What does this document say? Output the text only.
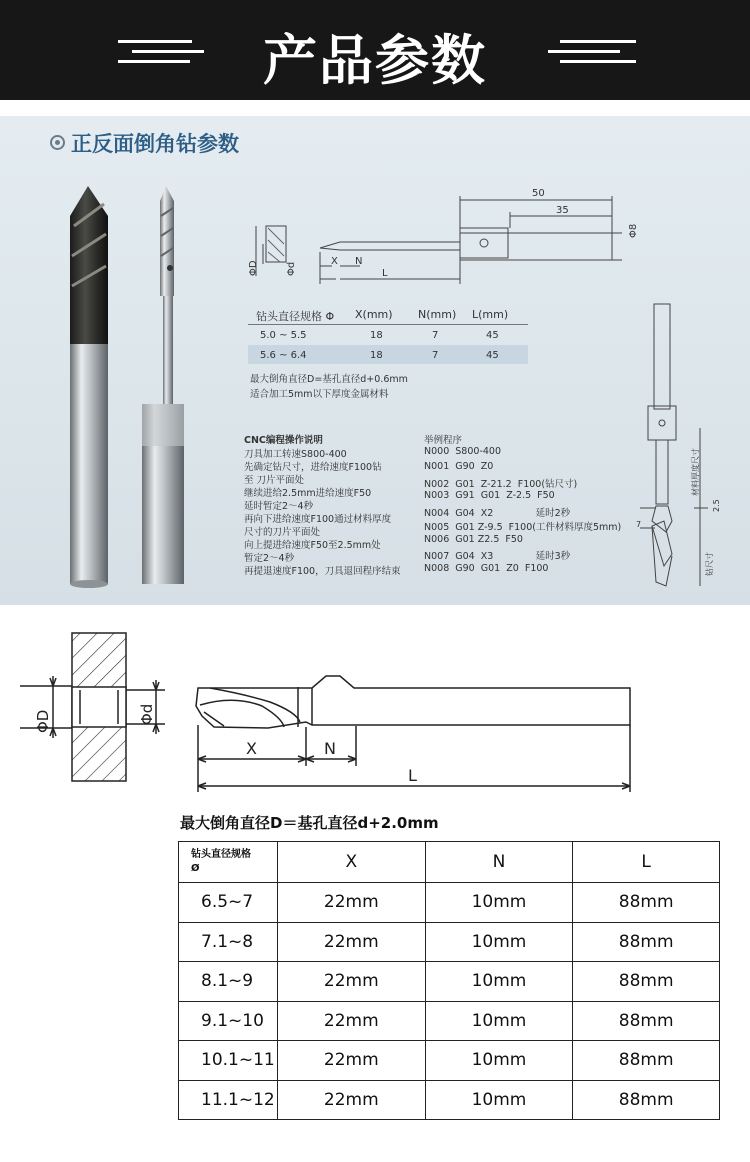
产品参数
正反面倒角钻参数
50
35
Φ8
X N
L
ΦD	Φd
钻头直径规格 Φ X(mm) N(mm) L(mm)
5.0 ~ 5.5	18	7	45
5.6 ~ 6.4	18	7	45
最大倒角直径D=基孔直径d+0.6mm
适合加工5mm以下厚度金属材料
CNC编程操作说明
刀具加工转速S800-400
先确定钻尺寸，进给速度F100钻
至 刀片平面处
继续进给2.5mm进给速度F50
延时暂定2～4秒
再向下进给速度F100通过材料厚度
尺寸的刀片平面处
向上提进给速度F50至2.5mm处
暂定2～4秒
再提退速度F100，刀具退回程序结束
举例程序
N000  S800-400
N001  G90  Z0
N002  G01  Z-21.2  F100(钻尺寸)
N003  G91  G01  Z-2.5  F50
N004  G04  X2              延时2秒
N005  G01 Z-9.5  F100(工件材料厚度5mm)
N006  G01 Z2.5  F50
N007  G04  X3              延时3秒
N008  G90  G01  Z0  F100
材料厚度尺寸
2.5
7
钻尺寸
ΦD	Φd
X	N
L
最大倒角直径D＝基孔直径d+2.0mm
钻头直径规格
Ø	X	N	L
6.5~7	22mm	10mm	88mm
7.1~8	22mm	10mm	88mm
8.1~9	22mm	10mm	88mm
9.1~10	22mm	10mm	88mm
10.1~11	22mm	10mm	88mm
11.1~12	22mm	10mm	88mm
